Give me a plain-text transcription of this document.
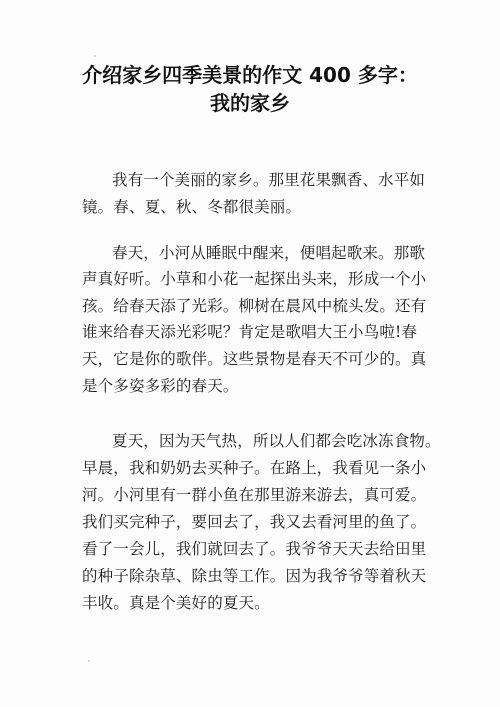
介绍家乡四季美景的作文 400 多字：
我的家乡
我有一个美丽的家乡。那里花果飘香、水平如
镜。春、夏、秋、冬都很美丽。
春天，小河从睡眠中醒来，便唱起歌来。那歌
声真好听。小草和小花一起探出头来，形成一个小
孩。给春天添了光彩。柳树在晨风中梳头发。还有
谁来给春天添光彩呢？肯定是歌唱大王小鸟啦!春
天，它是你的歌伴。这些景物是春天不可少的。真
是个多姿多彩的春天。
夏天，因为天气热，所以人们都会吃冰冻食物。
早晨，我和奶奶去买种子。在路上，我看见一条小
河。小河里有一群小鱼在那里游来游去，真可爱。
我们买完种子，要回去了，我又去看河里的鱼了。
看了一会儿，我们就回去了。我爷爷天天去给田里
的种子除杂草、除虫等工作。因为我爷爷等着秋天
丰收。真是个美好的夏天。
